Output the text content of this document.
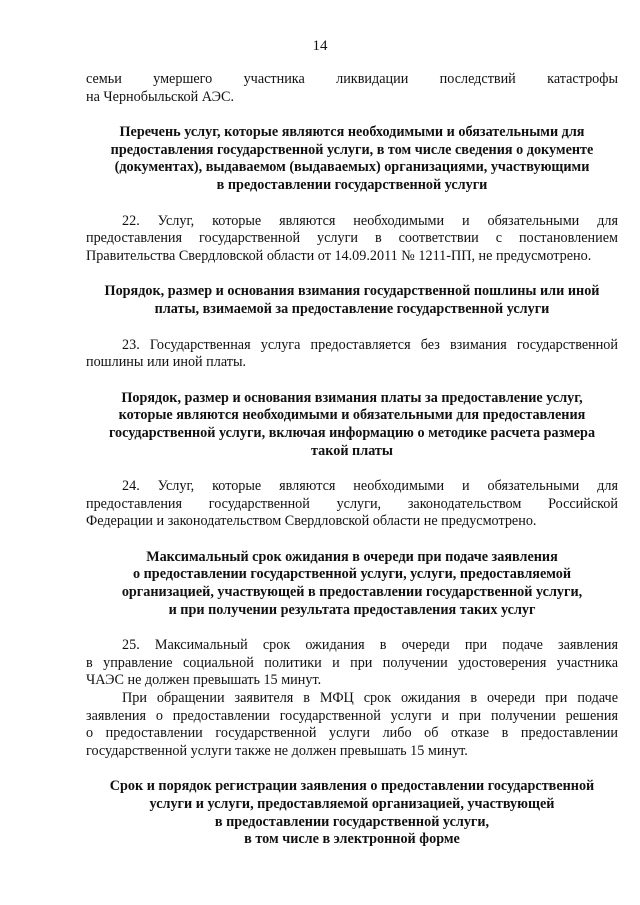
14
семьи умершего участника ликвидации последствий катастрофы
на Чернобыльской АЭС.
Перечень услуг, которые являются необходимыми и обязательными для
предоставления государственной услуги, в том числе сведения о документе
(документах), выдаваемом (выдаваемых) организациями, участвующими
в предоставлении государственной услуги
22. Услуг, которые являются необходимыми и обязательными для
предоставления государственной услуги в соответствии с постановлением
Правительства Свердловской области от 14.09.2011 № 1211-ПП, не предусмотрено.
Порядок, размер и основания взимания государственной пошлины или иной
платы, взимаемой за предоставление государственной услуги
23. Государственная услуга предоставляется без взимания государственной
пошлины или иной платы.
Порядок, размер и основания взимания платы за предоставление услуг,
которые являются необходимыми и обязательными для предоставления
государственной услуги, включая информацию о методике расчета размера
такой платы
24. Услуг, которые являются необходимыми и обязательными для
предоставления государственной услуги, законодательством Российской
Федерации и законодательством Свердловской области не предусмотрено.
Максимальный срок ожидания в очереди при подаче заявления
о предоставлении государственной услуги, услуги, предоставляемой
организацией, участвующей в предоставлении государственной услуги,
и при получении результата предоставления таких услуг
25. Максимальный срок ожидания в очереди при подаче заявления
в управление социальной политики и при получении удостоверения участника
ЧАЭС не должен превышать 15 минут.
При обращении заявителя в МФЦ срок ожидания в очереди при подаче
заявления о предоставлении государственной услуги и при получении решения
о предоставлении государственной услуги либо об отказе в предоставлении
государственной услуги также не должен превышать 15 минут.
Срок и порядок регистрации заявления о предоставлении государственной
услуги и услуги, предоставляемой организацией, участвующей
в предоставлении государственной услуги,
в том числе в электронной форме
